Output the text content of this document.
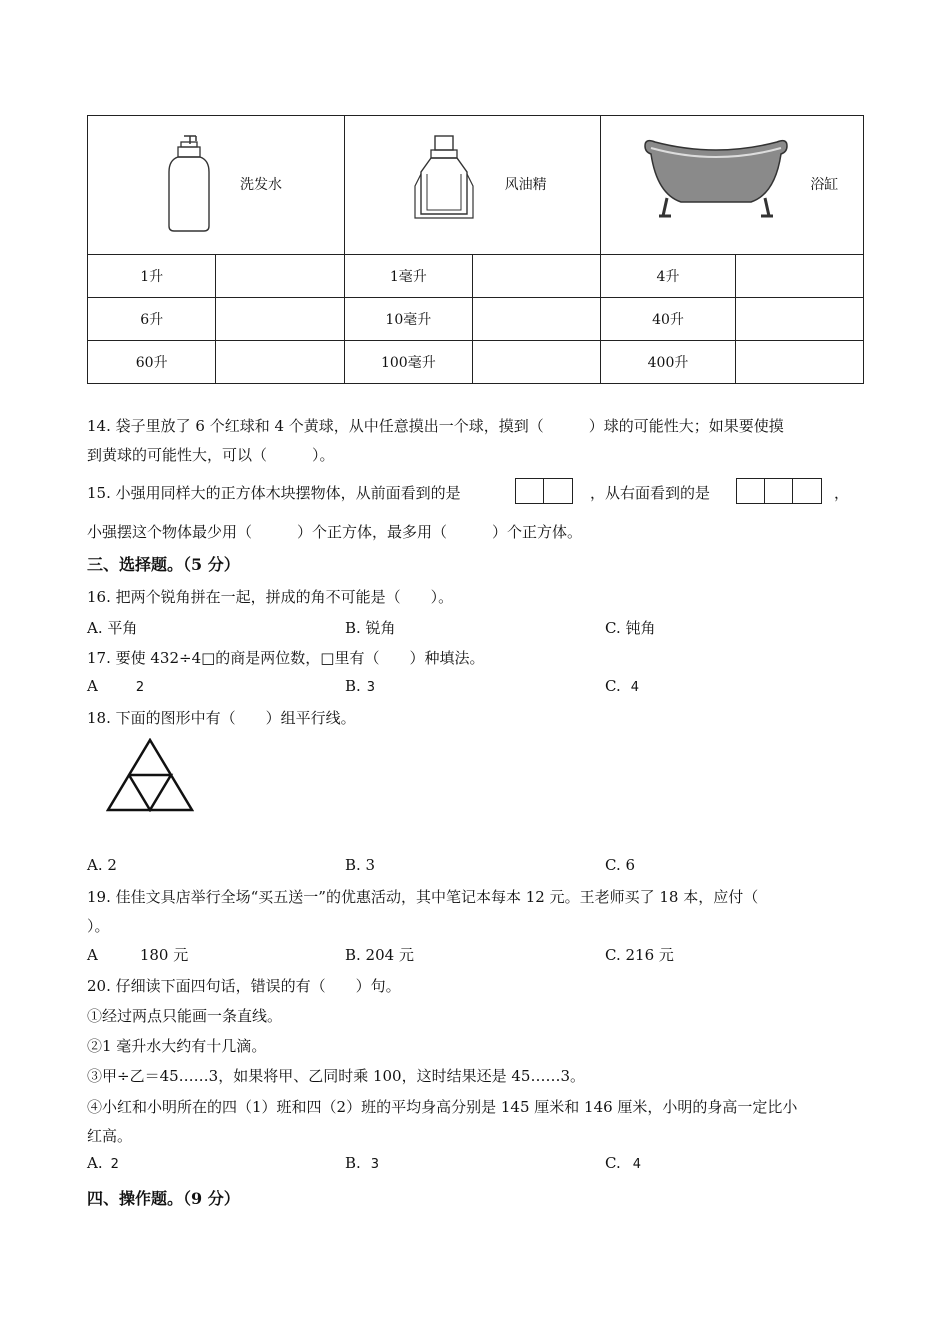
洗发水		风油精		浴缸	

1升		1毫升		4升	
6升		10毫升		40升	
60升		100毫升		400升	
14. 袋子里放了 6 个红球和 4 个黄球，从中任意摸出一个球，摸到（　　　）球的可能性大；如果要使摸
到黄球的可能性大，可以（　　　）。
15. 小强用同样大的正方体木块摆物体，从前面看到的是	，从右面看到的是	，
小强摆这个物体最少用（　　　）个正方体，最多用（　　　）个正方体。
三、选择题。（5 分）
16. 把两个锐角拼在一起，拼成的角不可能是（　　）。
A. 平角	B. 锐角	C. 钝角
17. 要使 432÷4□的商是两位数，□里有（　　）种填法。
A	2	B. 3	C. 4
18. 下面的图形中有（　　）组平行线。
A. 2	B. 3	C. 6
19. 佳佳文具店举行全场“买五送一”的优惠活动，其中笔记本每本 12 元。王老师买了 18 本，应付（
）。
A	180 元	B. 204 元	C. 216 元
20. 仔细读下面四句话，错误的有（　　）句。
①经过两点只能画一条直线。
②1 毫升水大约有十几滴。
③甲÷乙＝45……3，如果将甲、乙同时乘 100，这时结果还是 45……3。
④小红和小明所在的四（1）班和四（2）班的平均身高分别是 145 厘米和 146 厘米，小明的身高一定比小
红高。
A. 2	B. 3	C. 4
四、操作题。（9 分）
